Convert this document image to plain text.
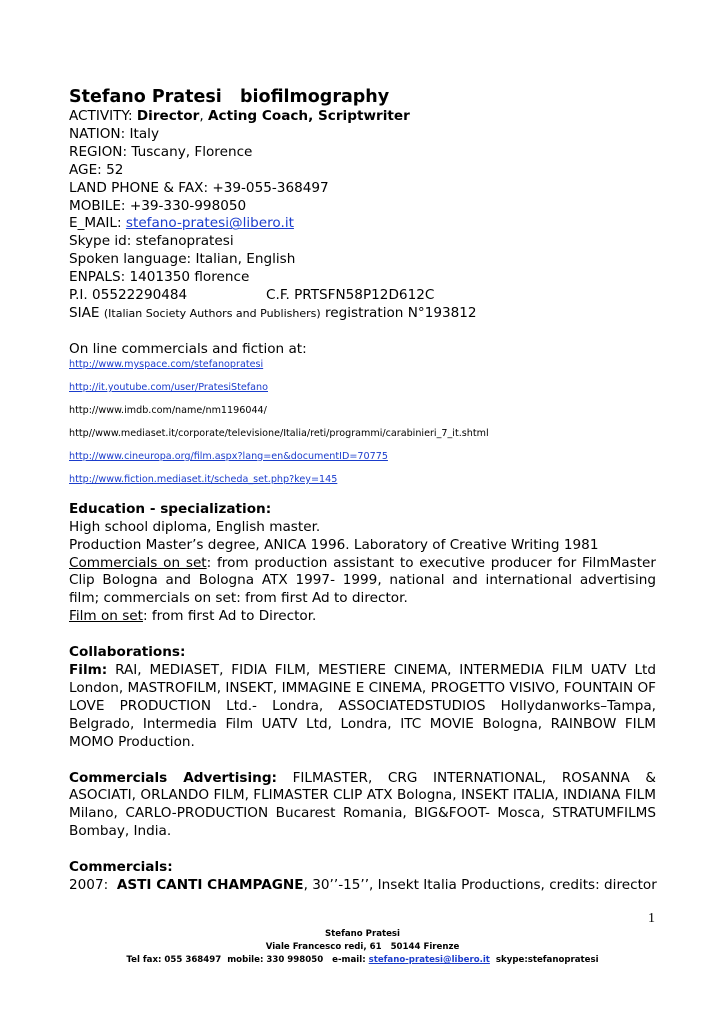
Stefano Pratesi biofilmography
ACTIVITY: Director, Acting Coach, Scriptwriter
NATION: Italy
REGION: Tuscany, Florence
AGE: 52
LAND PHONE & FAX: +39-055-368497
MOBILE: +39-330-998050
E_MAIL: stefano-pratesi@libero.it
Skype id: stefanopratesi
Spoken language: Italian, English
ENPALS: 1401350 florence
P.I. 05522290484	C.F. PRTSFN58P12D612C
SIAE (Italian Society Authors and Publishers) registration N°193812
On line commercials and fiction at:
http://www.myspace.com/stefanopratesi
http://it.youtube.com/user/PratesiStefano
http://www.imdb.com/name/nm1196044/
http//www.mediaset.it/corporate/televisione/Italia/reti/programmi/carabinieri_7_it.shtml
http://www.cineuropa.org/film.aspx?lang=en&documentID=70775
http://www.fiction.mediaset.it/scheda_set.php?key=145
Education - specialization:
High school diploma, English master.
Production Master’s degree, ANICA 1996. Laboratory of Creative Writing 1981
Commercials on set: from production assistant to executive producer for FilmMaster Clip Bologna and Bologna ATX 1997- 1999, national and international advertising film; commercials on set: from first Ad to director.
Film on set: from first Ad to Director.
Collaborations:
Film: RAI, MEDIASET, FIDIA FILM, MESTIERE CINEMA, INTERMEDIA FILM UATV Ltd London, MASTROFILM, INSEKT, IMMAGINE E CINEMA, PROGETTO VISIVO, FOUNTAIN OF LOVE PRODUCTION Ltd.- Londra, ASSOCIATEDSTUDIOS Hollydanworks–Tampa, Belgrado, Intermedia Film UATV Ltd, Londra, ITC MOVIE Bologna, RAINBOW FILM MOMO Production.
Commercials Advertising: FILMASTER, CRG INTERNATIONAL, ROSANNA & ASOCIATI, ORLANDO FILM, FLIMASTER CLIP ATX Bologna, INSEKT ITALIA, INDIANA FILM Milano, CARLO-PRODUCTION Bucarest Romania, BIG&FOOT- Mosca, STRATUMFILMS Bombay, India.
Commercials:
2007:  ASTI CANTI CHAMPAGNE, 30’’-15’’, Insekt Italia Productions, credits: director
1
Stefano Pratesi
Viale Francesco redi, 61   50144 Firenze
Tel fax: 055 368497  mobile: 330 998050   e-mail: stefano-pratesi@libero.it  skype:stefanopratesi
